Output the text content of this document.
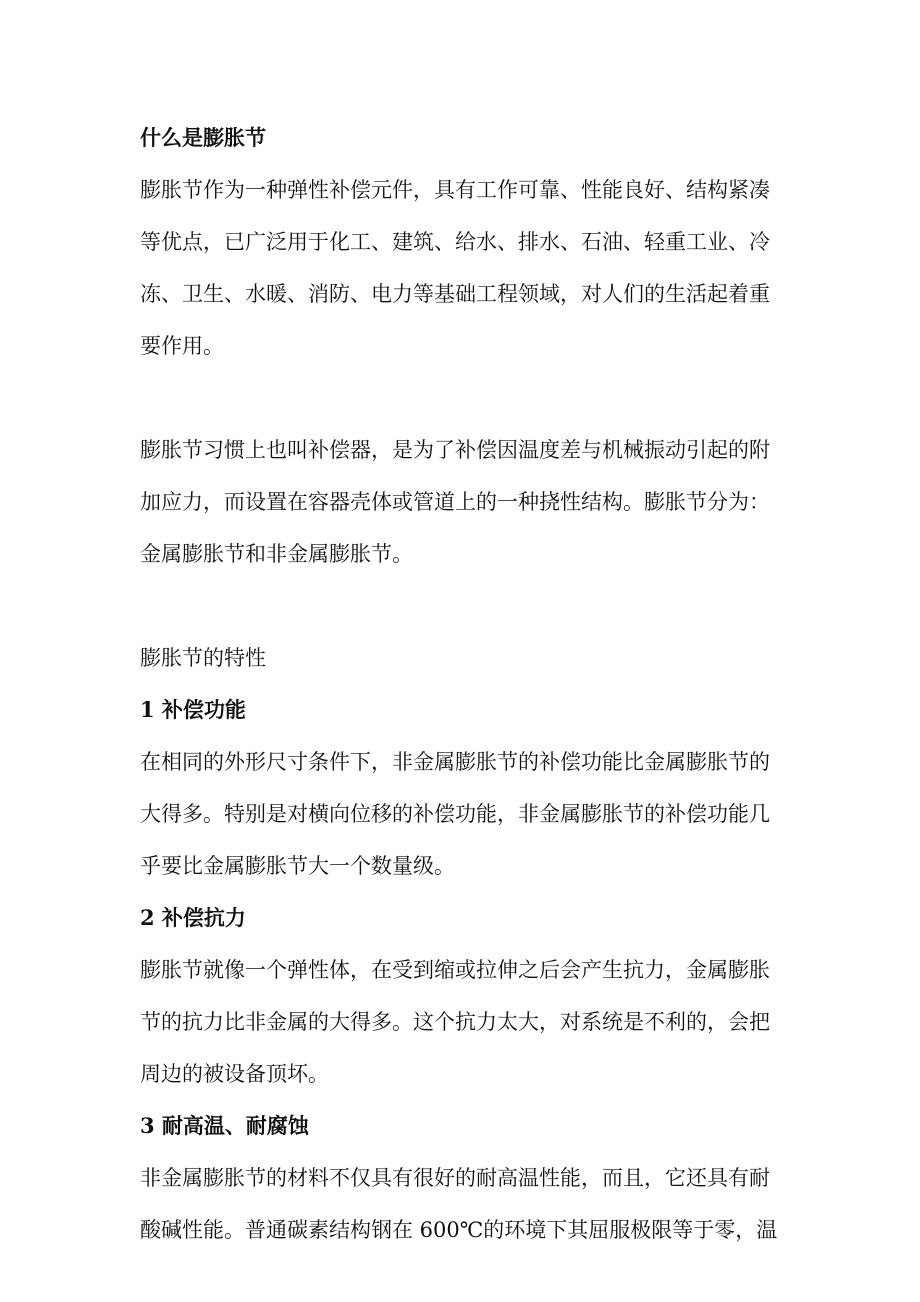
什么是膨胀节
膨胀节作为一种弹性补偿元件，具有工作可靠、性能良好、结构紧凑
等优点，已广泛用于化工、建筑、给水、排水、石油、轻重工业、冷
冻、卫生、水暖、消防、电力等基础工程领域，对人们的生活起着重
要作用。
膨胀节习惯上也叫补偿器，是为了补偿因温度差与机械振动引起的附
加应力，而设置在容器壳体或管道上的一种挠性结构。膨胀节分为：
金属膨胀节和非金属膨胀节。
膨胀节的特性
1 补偿功能
在相同的外形尺寸条件下，非金属膨胀节的补偿功能比金属膨胀节的
大得多。特别是对横向位移的补偿功能，非金属膨胀节的补偿功能几
乎要比金属膨胀节大一个数量级。
2 补偿抗力
膨胀节就像一个弹性体，在受到缩或拉伸之后会产生抗力，金属膨胀
节的抗力比非金属的大得多。这个抗力太大，对系统是不利的，会把
周边的被设备顶坏。
3 耐高温、耐腐蚀
非金属膨胀节的材料不仅具有很好的耐高温性能，而且，它还具有耐
酸碱性能。普通碳素结构钢在 600℃的环境下其屈服极限等于零，温
